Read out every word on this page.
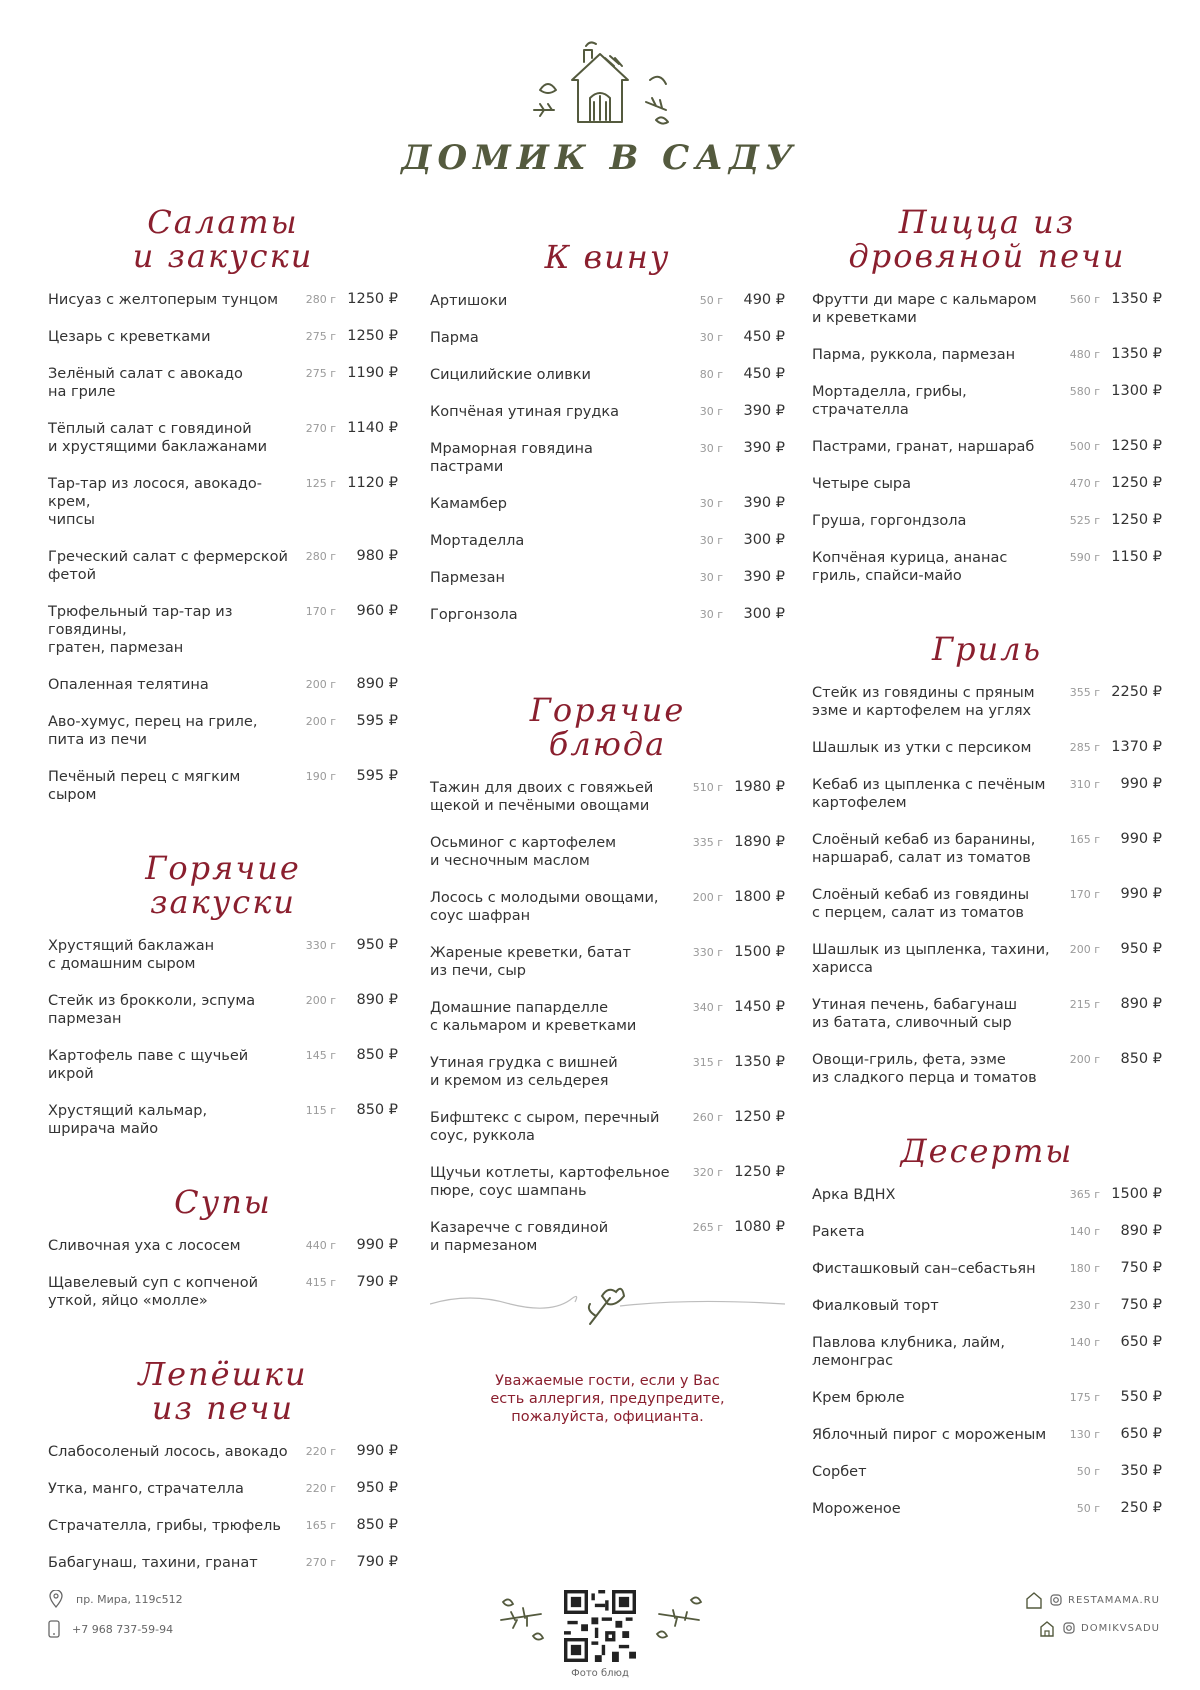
ДОМИК В САДУ
Салаты
и закуски
Нисуаз с желтоперым тунцом	280 г 1250 ₽
Цезарь с креветками	275 г 1250 ₽
Зелёный салат с авокадо
на гриле
275 г 1190 ₽
Тёплый салат с говядиной
и хрустящими баклажанами
270 г 1140 ₽
Тар-тар из лосося, авокадо-крем,
чипсы
125 г 1120 ₽
Греческий салат с фермерской
фетой
280 г	980 ₽
Трюфельный тар-тар из говядины,
гратен, пармезан
170 г	960 ₽
Опаленная телятина	200 г	890 ₽
Аво-хумус, перец на гриле,
пита из печи
200 г	595 ₽
Печёный перец с мягким сыром
190 г	595 ₽
Горячие
закуски
Хрустящий баклажан
с домашним сыром
330 г	950 ₽
Стейк из брокколи, эспума
пармезан
200 г	890 ₽
Картофель паве с щучьей
икрой
145 г	850 ₽
Хрустящий кальмар,
шрирача майо
115 г	850 ₽
Супы
Сливочная уха с лососем	440 г	990 ₽
Щавелевый суп с копченой
уткой, яйцо «молле»
415 г	790 ₽
Лепёшки
из печи
Слабосоленый лосось, авокадо	220 г	990 ₽
Утка, манго, страчателла	220 г	950 ₽
Страчателла, грибы, трюфель	165 г	850 ₽
Бабагунаш, тахини, гранат	270 г	790 ₽
К вину
Артишоки	50 г	490 ₽
Парма	30 г	450 ₽
Сицилийские оливки	80 г	450 ₽
Копчёная утиная грудка	30 г	390 ₽
Мраморная говядина
пастрами
30 г	390 ₽
Камамбер	30 г	390 ₽
Мортаделла	30 г	300 ₽
Пармезан	30 г	390 ₽
Горгонзола	30 г	300 ₽
Горячие
блюда
Тажин для двоих с говяжьей
щекой и печёными овощами
510 г 1980 ₽
Осьминог с картофелем
и чесночным маслом
335 г 1890 ₽
Лосось с молодыми овощами,
соус шафран
200 г 1800 ₽
Жареные креветки, батат
из печи, сыр
330 г 1500 ₽
Домашние папарделле
с кальмаром и креветками
340 г 1450 ₽
Утиная грудка с вишней
и кремом из сельдерея
315 г 1350 ₽
Бифштекс с сыром, перечный
соус, руккола
260 г 1250 ₽
Щучьи котлеты, картофельное
пюре, соус шампань
320 г 1250 ₽
Казаречче с говядиной
и пармезаном
265 г 1080 ₽
Уважаемые гости, если у Вас
есть аллергия, предупредите,
пожалуйста, официанта.
Пицца из
дровяной печи
Фрутти ди маре с кальмаром
и креветками
560 г 1350 ₽
Парма, руккола, пармезан	480 г 1350 ₽
Мортаделла, грибы,
страчателла
580 г 1300 ₽
Пастрами, гранат, наршараб	500 г 1250 ₽
Четыре сыра	470 г 1250 ₽
Груша, горгондзола	525 г 1250 ₽
Копчёная курица, ананас
гриль, спайси-майо
590 г 1150 ₽
Гриль
Стейк из говядины с пряным
эзме и картофелем на углях
355 г 2250 ₽
Шашлык из утки с персиком	285 г 1370 ₽
Кебаб из цыпленка с печёным
картофелем
310 г	990 ₽
Слоёный кебаб из баранины,
наршараб, салат из томатов
165 г	990 ₽
Слоёный кебаб из говядины
с перцем, салат из томатов
170 г	990 ₽
Шашлык из цыпленка, тахини,
харисса
200 г	950 ₽
Утиная печень, бабагунаш
из батата, сливочный сыр
215 г	890 ₽
Овощи-гриль, фета, эзме
из сладкого перца и томатов
200 г	850 ₽
Десерты
Арка ВДНХ	365 г 1500 ₽
Ракета	140 г	890 ₽
Фисташковый сан–себастьян	180 г	750 ₽
Фиалковый торт	230 г	750 ₽
Павлова клубника, лайм,
лемонграс
140 г	650 ₽
Крем брюле	175 г	550 ₽
Яблочный пирог с мороженым	130 г	650 ₽
Сорбет	50 г	350 ₽
Мороженое	50 г	250 ₽
пр. Мира, 119с512
+7 968 737-59-94

Фото блюд
RESTAMAMA.RU
DOMIKVSADU
